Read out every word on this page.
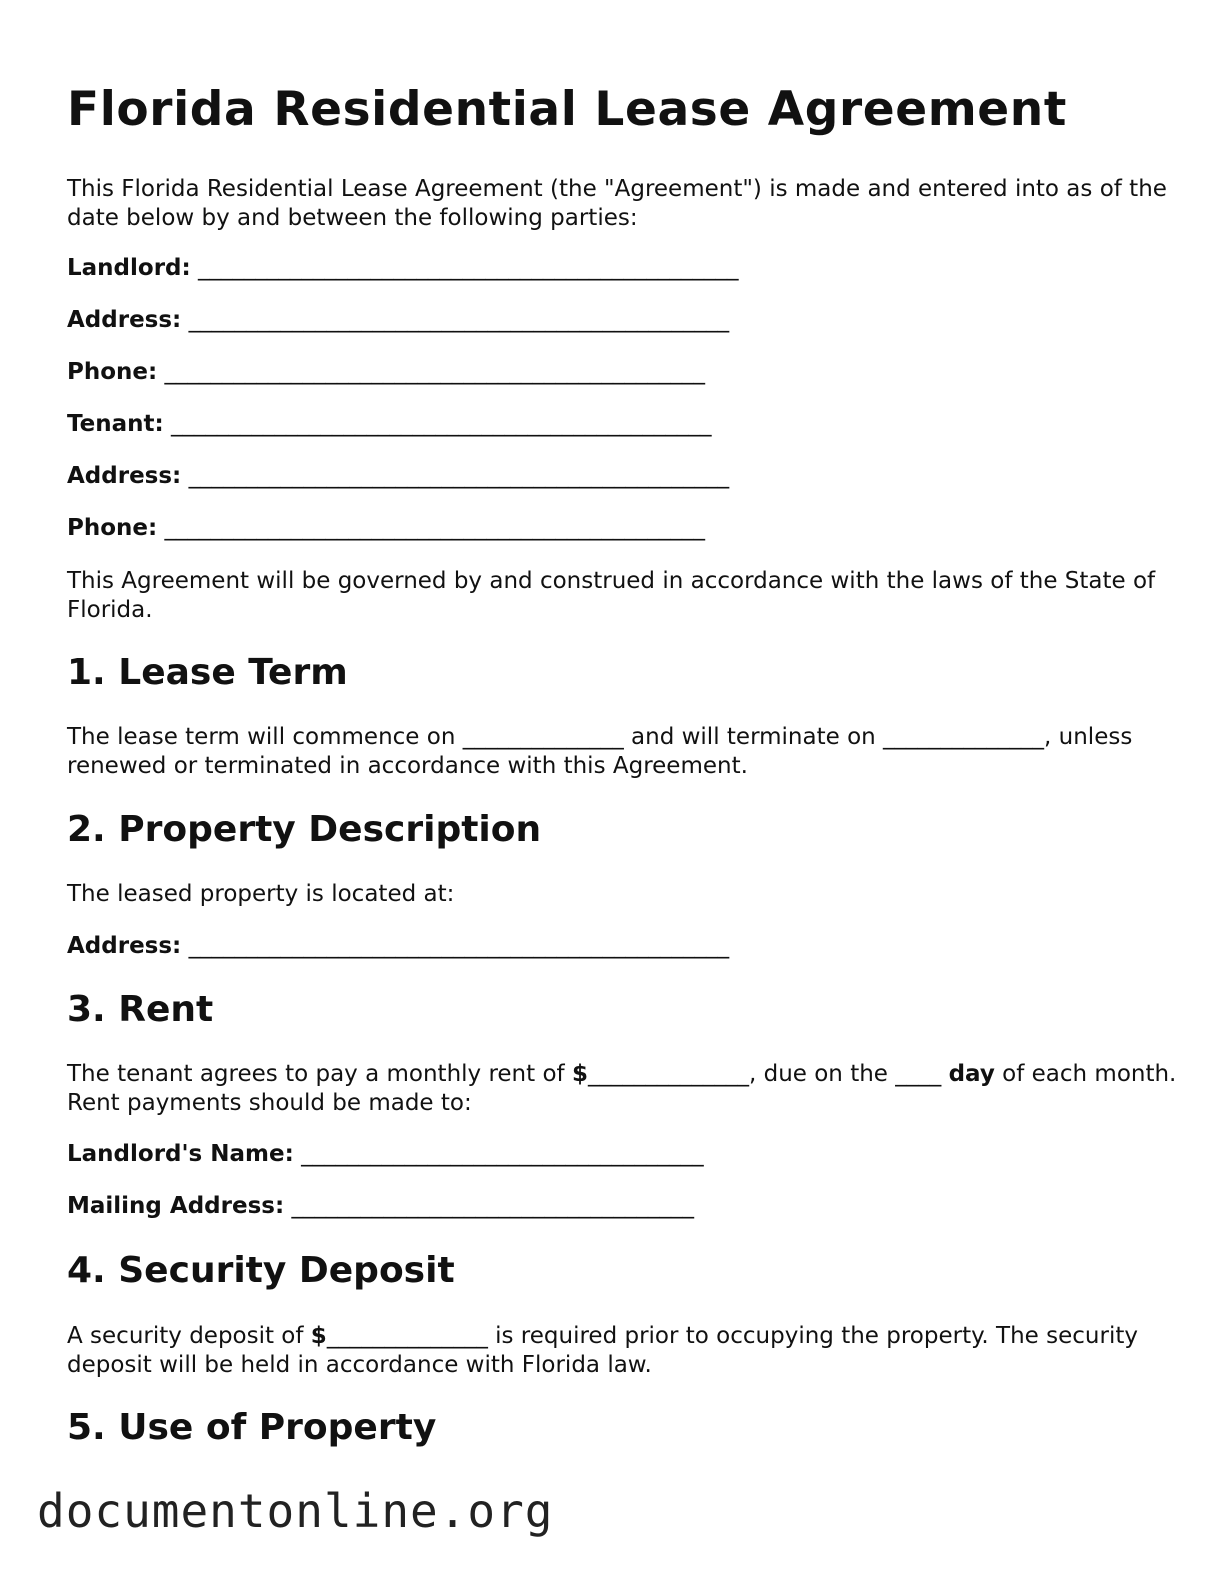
Florida Residential Lease Agreement

This Florida Residential Lease Agreement (the "Agreement") is made and entered into as of the date below by and between the following parties:

Landlord: _______________________________________________

Address: _______________________________________________

Phone: _______________________________________________

Tenant: _______________________________________________

Address: _______________________________________________

Phone: _______________________________________________

This Agreement will be governed by and construed in accordance with the laws of the State of Florida.

1. Lease Term

The lease term will commence on ______________ and will terminate on ______________, unless renewed or terminated in accordance with this Agreement.

2. Property Description

The leased property is located at:

Address: _______________________________________________

3. Rent

The tenant agrees to pay a monthly rent of $______________, due on the ____ day of each month. Rent payments should be made to:

Landlord's Name: ___________________________________

Mailing Address: ___________________________________

4. Security Deposit

A security deposit of $______________ is required prior to occupying the property. The security deposit will be held in accordance with Florida law.

5. Use of Property
documentonline.org
